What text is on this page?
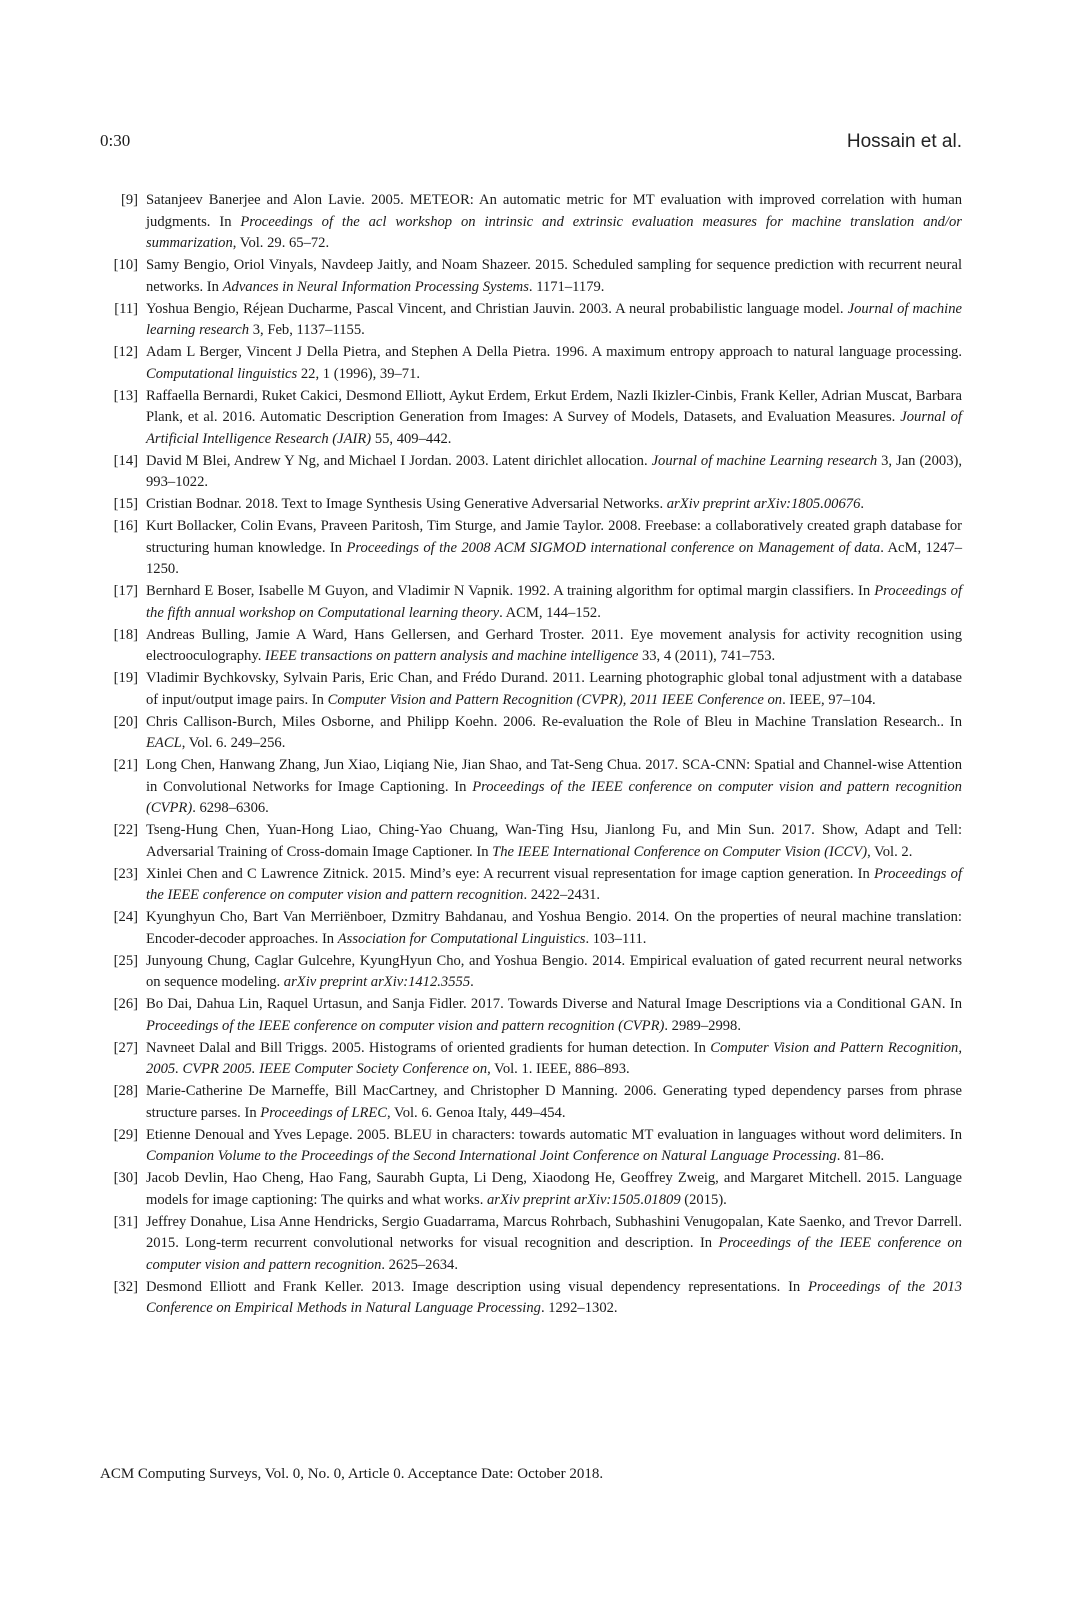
0:30	Hossain et al.
[9] Satanjeev Banerjee and Alon Lavie. 2005. METEOR: An automatic metric for MT evaluation with improved correlation with human judgments. In Proceedings of the acl workshop on intrinsic and extrinsic evaluation measures for machine translation and/or summarization, Vol. 29. 65–72.
[10] Samy Bengio, Oriol Vinyals, Navdeep Jaitly, and Noam Shazeer. 2015. Scheduled sampling for sequence prediction with recurrent neural networks. In Advances in Neural Information Processing Systems. 1171–1179.
[11] Yoshua Bengio, Réjean Ducharme, Pascal Vincent, and Christian Jauvin. 2003. A neural probabilistic language model. Journal of machine learning research 3, Feb, 1137–1155.
[12] Adam L Berger, Vincent J Della Pietra, and Stephen A Della Pietra. 1996. A maximum entropy approach to natural language processing. Computational linguistics 22, 1 (1996), 39–71.
[13] Raffaella Bernardi, Ruket Cakici, Desmond Elliott, Aykut Erdem, Erkut Erdem, Nazli Ikizler-Cinbis, Frank Keller, Adrian Muscat, Barbara Plank, et al. 2016. Automatic Description Generation from Images: A Survey of Models, Datasets, and Evaluation Measures. Journal of Artificial Intelligence Research (JAIR) 55, 409–442.
[14] David M Blei, Andrew Y Ng, and Michael I Jordan. 2003. Latent dirichlet allocation. Journal of machine Learning research 3, Jan (2003), 993–1022.
[15] Cristian Bodnar. 2018. Text to Image Synthesis Using Generative Adversarial Networks. arXiv preprint arXiv:1805.00676.
[16] Kurt Bollacker, Colin Evans, Praveen Paritosh, Tim Sturge, and Jamie Taylor. 2008. Freebase: a collaboratively created graph database for structuring human knowledge. In Proceedings of the 2008 ACM SIGMOD international conference on Management of data. AcM, 1247–1250.
[17] Bernhard E Boser, Isabelle M Guyon, and Vladimir N Vapnik. 1992. A training algorithm for optimal margin classifiers. In Proceedings of the fifth annual workshop on Computational learning theory. ACM, 144–152.
[18] Andreas Bulling, Jamie A Ward, Hans Gellersen, and Gerhard Troster. 2011. Eye movement analysis for activity recognition using electrooculography. IEEE transactions on pattern analysis and machine intelligence 33, 4 (2011), 741–753.
[19] Vladimir Bychkovsky, Sylvain Paris, Eric Chan, and Frédo Durand. 2011. Learning photographic global tonal adjustment with a database of input/output image pairs. In Computer Vision and Pattern Recognition (CVPR), 2011 IEEE Conference on. IEEE, 97–104.
[20] Chris Callison-Burch, Miles Osborne, and Philipp Koehn. 2006. Re-evaluation the Role of Bleu in Machine Translation Research.. In EACL, Vol. 6. 249–256.
[21] Long Chen, Hanwang Zhang, Jun Xiao, Liqiang Nie, Jian Shao, and Tat-Seng Chua. 2017. SCA-CNN: Spatial and Channel-wise Attention in Convolutional Networks for Image Captioning. In Proceedings of the IEEE conference on computer vision and pattern recognition (CVPR). 6298–6306.
[22] Tseng-Hung Chen, Yuan-Hong Liao, Ching-Yao Chuang, Wan-Ting Hsu, Jianlong Fu, and Min Sun. 2017. Show, Adapt and Tell: Adversarial Training of Cross-domain Image Captioner. In The IEEE International Conference on Computer Vision (ICCV), Vol. 2.
[23] Xinlei Chen and C Lawrence Zitnick. 2015. Mind’s eye: A recurrent visual representation for image caption generation. In Proceedings of the IEEE conference on computer vision and pattern recognition. 2422–2431.
[24] Kyunghyun Cho, Bart Van Merriënboer, Dzmitry Bahdanau, and Yoshua Bengio. 2014. On the properties of neural machine translation: Encoder-decoder approaches. In Association for Computational Linguistics. 103–111.
[25] Junyoung Chung, Caglar Gulcehre, KyungHyun Cho, and Yoshua Bengio. 2014. Empirical evaluation of gated recurrent neural networks on sequence modeling. arXiv preprint arXiv:1412.3555.
[26] Bo Dai, Dahua Lin, Raquel Urtasun, and Sanja Fidler. 2017. Towards Diverse and Natural Image Descriptions via a Conditional GAN. In Proceedings of the IEEE conference on computer vision and pattern recognition (CVPR). 2989–2998.
[27] Navneet Dalal and Bill Triggs. 2005. Histograms of oriented gradients for human detection. In Computer Vision and Pattern Recognition, 2005. CVPR 2005. IEEE Computer Society Conference on, Vol. 1. IEEE, 886–893.
[28] Marie-Catherine De Marneffe, Bill MacCartney, and Christopher D Manning. 2006. Generating typed dependency parses from phrase structure parses. In Proceedings of LREC, Vol. 6. Genoa Italy, 449–454.
[29] Etienne Denoual and Yves Lepage. 2005. BLEU in characters: towards automatic MT evaluation in languages without word delimiters. In Companion Volume to the Proceedings of the Second International Joint Conference on Natural Language Processing. 81–86.
[30] Jacob Devlin, Hao Cheng, Hao Fang, Saurabh Gupta, Li Deng, Xiaodong He, Geoffrey Zweig, and Margaret Mitchell. 2015. Language models for image captioning: The quirks and what works. arXiv preprint arXiv:1505.01809 (2015).
[31] Jeffrey Donahue, Lisa Anne Hendricks, Sergio Guadarrama, Marcus Rohrbach, Subhashini Venugopalan, Kate Saenko, and Trevor Darrell. 2015. Long-term recurrent convolutional networks for visual recognition and description. In Proceedings of the IEEE conference on computer vision and pattern recognition. 2625–2634.
[32] Desmond Elliott and Frank Keller. 2013. Image description using visual dependency representations. In Proceedings of the 2013 Conference on Empirical Methods in Natural Language Processing. 1292–1302.
ACM Computing Surveys, Vol. 0, No. 0, Article 0. Acceptance Date: October 2018.
